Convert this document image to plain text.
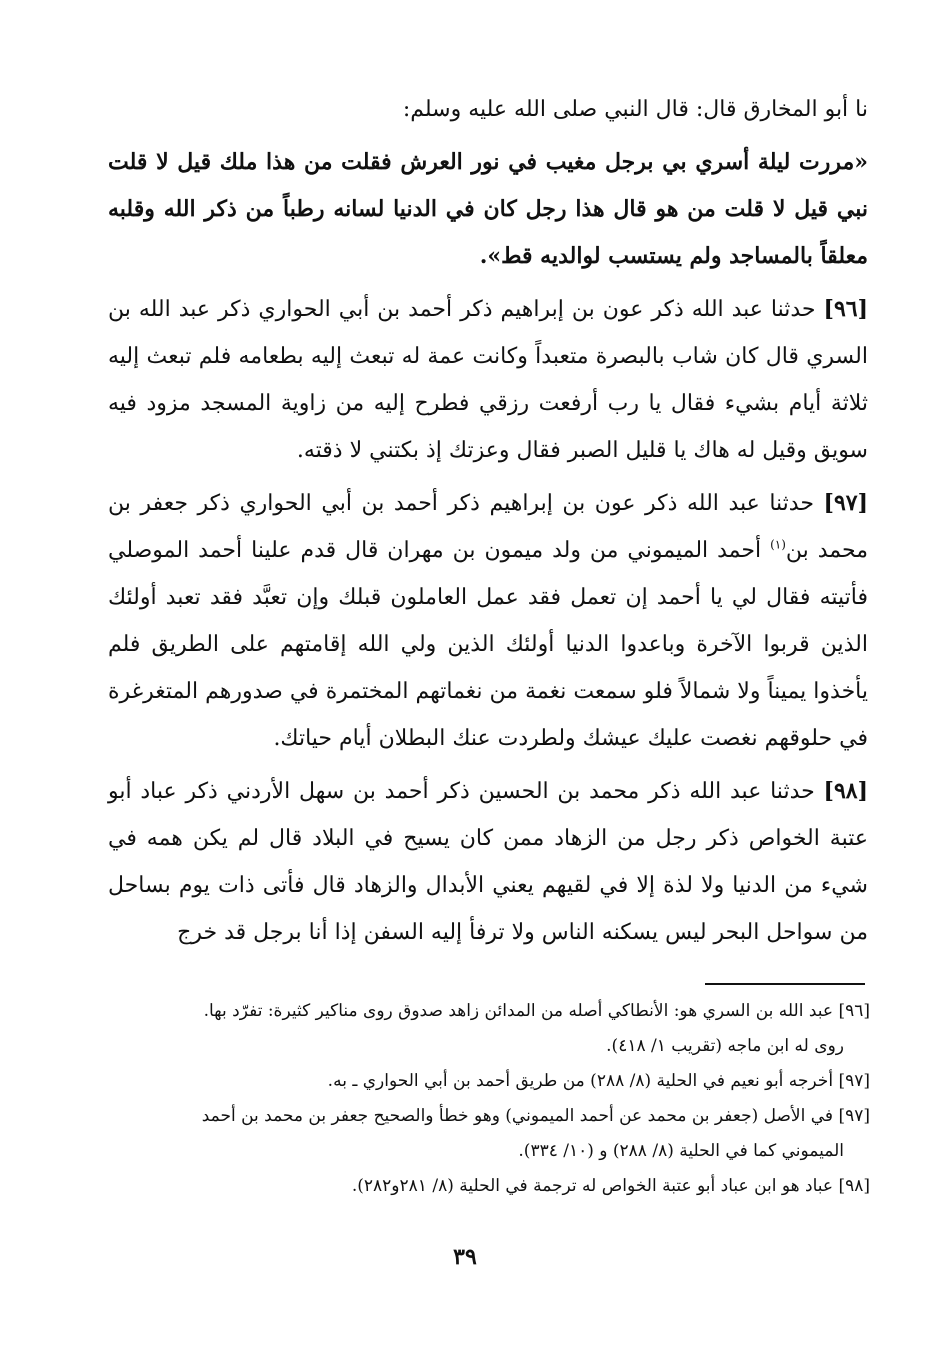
نا أبو المخارق قال: قال النبي صلى الله عليه وسلم:

«مررت ليلة أسري بي برجل مغيب في نور العرش فقلت من هذا ملك قيل لا قلت نبي قيل لا قلت من هو قال هذا رجل كان في الدنيا لسانه رطباً من ذكر الله وقلبه معلقاً بالمساجد ولم يستسب لوالديه قط».

[٩٦] حدثنا عبد الله ذكر عون بن إبراهيم ذكر أحمد بن أبي الحواري ذكر عبد الله بن السري قال كان شاب بالبصرة متعبداً وكانت عمة له تبعث إليه بطعامه فلم تبعث إليه ثلاثة أيام بشيء فقال يا رب أرفعت رزقي فطرح إليه من زاوية المسجد مزود فيه سويق وقيل له هاك يا قليل الصبر فقال وعزتك إذ بكتني لا ذقته.

[٩٧] حدثنا عبد الله ذكر عون بن إبراهيم ذكر أحمد بن أبي الحواري ذكر جعفر بن محمد بن$^{(١)}$ أحمد الميموني من ولد ميمون بن مهران قال قدم علينا أحمد الموصلي فأتيته فقال لي يا أحمد إن تعمل فقد عمل العاملون قبلك وإن تعبَّد فقد تعبد أولئك الذين قربوا الآخرة وباعدوا الدنيا أولئك الذين ولي الله إقامتهم على الطريق فلم يأخذوا يميناً ولا شمالاً فلو سمعت نغمة من نغماتهم المختمرة في صدورهم المتغرغرة في حلوقهم نغصت عليك عيشك ولطردت عنك البطلان أيام حياتك.

[٩٨] حدثنا عبد الله ذكر محمد بن الحسين ذكر أحمد بن سهل الأردني ذكر عباد أبو عتبة الخواص ذكر رجل من الزهاد ممن كان يسيح في البلاد قال لم يكن همه في شيء من الدنيا ولا لذة إلا في لقيهم يعني الأبدال والزهاد قال فأتى ذات يوم بساحل من سواحل البحر ليس يسكنه الناس ولا ترفأ إليه السفن إذا أنا برجل قد خرج

[٩٦] عبد الله بن السري هو: الأنطاكي أصله من المدائن زاهد صدوق روى مناكير كثيرة: تفرّد بها.

روى له ابن ماجه (تقريب ١/ ٤١٨).

[٩٧] أخرجه أبو نعيم في الحلية (٨/ ٢٨٨) من طريق أحمد بن أبي الحواري ـ به.

[٩٧] في الأصل (جعفر بن محمد عن أحمد الميموني) وهو خطأ والصحيح جعفر بن محمد بن أحمد

الميموني كما في الحلية (٨/ ٢٨٨) و (١٠/ ٣٣٤).

[٩٨] عباد هو ابن عباد أبو عتبة الخواص له ترجمة في الحلية (٨/ ٢٨١و٢٨٢).

٣٩
